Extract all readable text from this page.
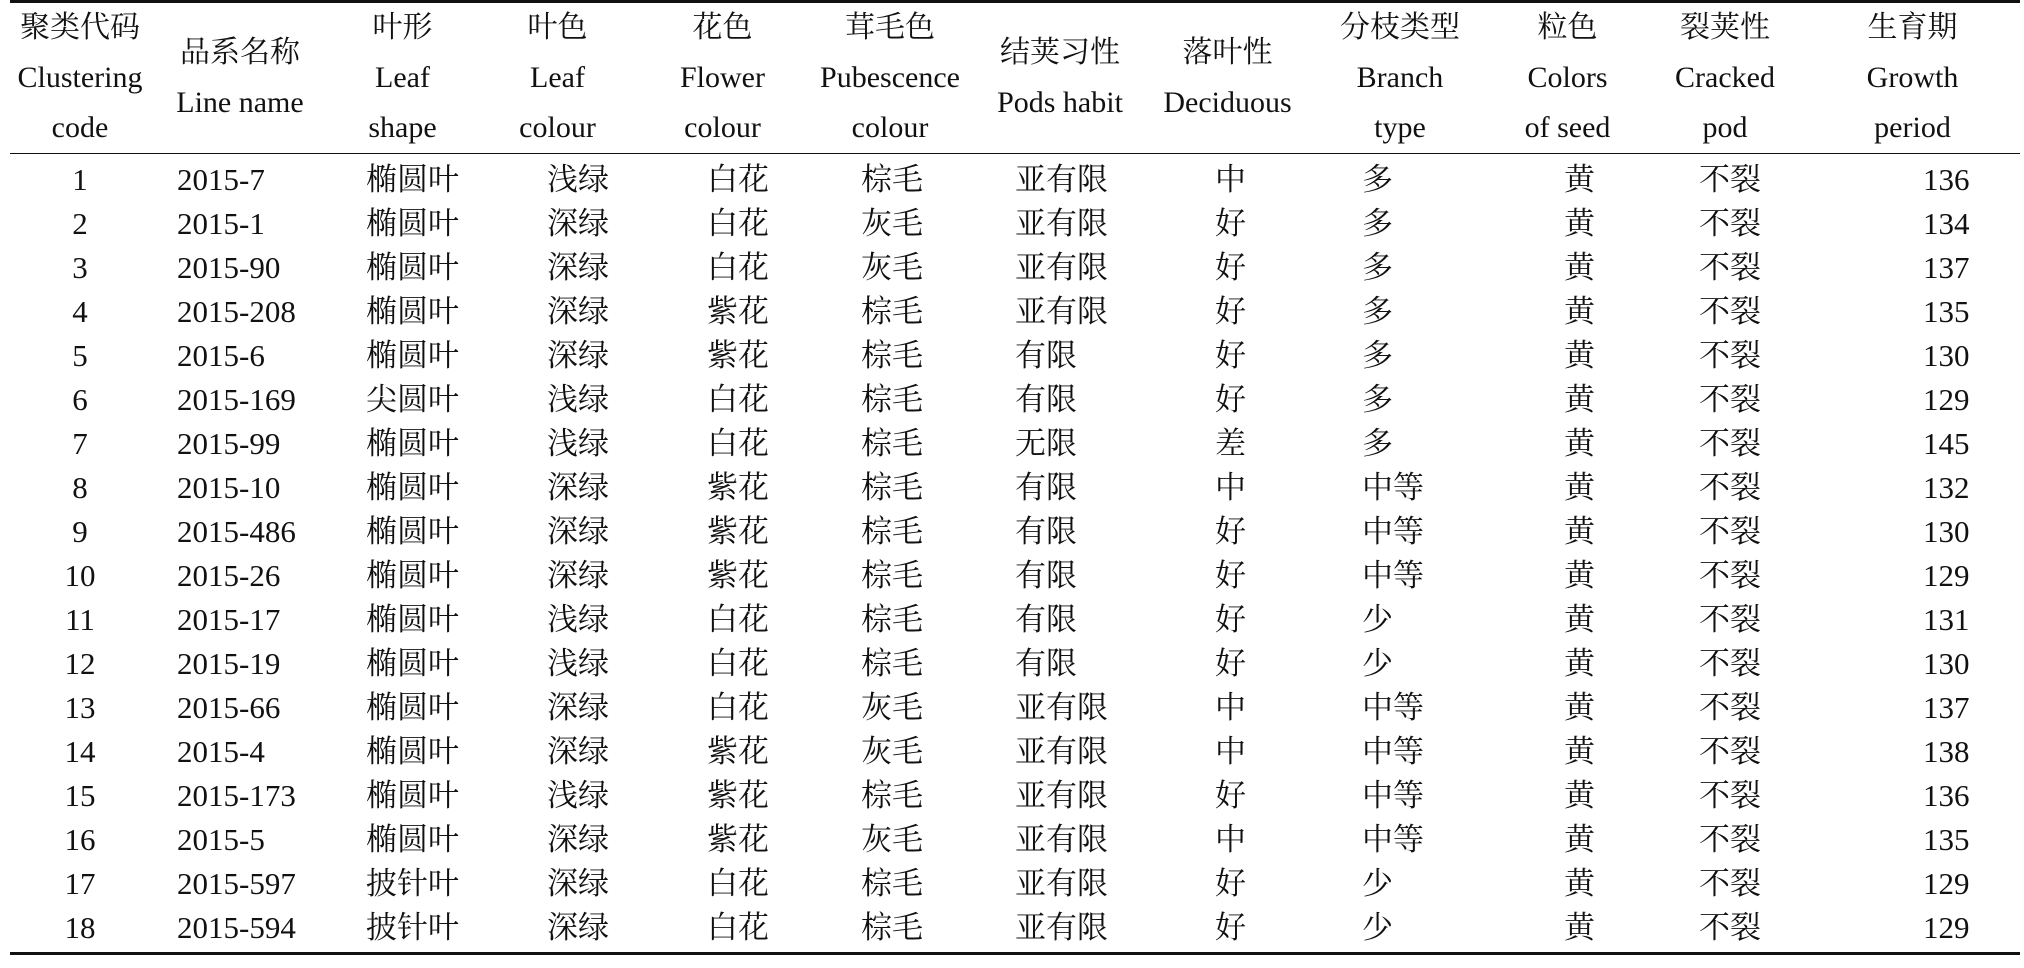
聚类代码
Clustering
code	品系名称
Line name	叶形
Leaf
shape	叶色
Leaf
colour	花色
Flower
colour	茸毛色
Pubescence
colour	结荚习性
Pods habit	落叶性
Deciduous	分枝类型
Branch
type	粒色
Colors
of seed	裂荚性
Cracked
pod	生育期
Growth
period

1	2015-7	椭圆叶	浅绿	白花	棕毛	亚有限	中	多	黄	不裂	136
2	2015-1	椭圆叶	深绿	白花	灰毛	亚有限	好	多	黄	不裂	134
3	2015-90	椭圆叶	深绿	白花	灰毛	亚有限	好	多	黄	不裂	137
4	2015-208	椭圆叶	深绿	紫花	棕毛	亚有限	好	多	黄	不裂	135
5	2015-6	椭圆叶	深绿	紫花	棕毛	有限	好	多	黄	不裂	130
6	2015-169	尖圆叶	浅绿	白花	棕毛	有限	好	多	黄	不裂	129
7	2015-99	椭圆叶	浅绿	白花	棕毛	无限	差	多	黄	不裂	145
8	2015-10	椭圆叶	深绿	紫花	棕毛	有限	中	中等	黄	不裂	132
9	2015-486	椭圆叶	深绿	紫花	棕毛	有限	好	中等	黄	不裂	130
10	2015-26	椭圆叶	深绿	紫花	棕毛	有限	好	中等	黄	不裂	129
11	2015-17	椭圆叶	浅绿	白花	棕毛	有限	好	少	黄	不裂	131
12	2015-19	椭圆叶	浅绿	白花	棕毛	有限	好	少	黄	不裂	130
13	2015-66	椭圆叶	深绿	白花	灰毛	亚有限	中	中等	黄	不裂	137
14	2015-4	椭圆叶	深绿	紫花	灰毛	亚有限	中	中等	黄	不裂	138
15	2015-173	椭圆叶	浅绿	紫花	棕毛	亚有限	好	中等	黄	不裂	136
16	2015-5	椭圆叶	深绿	紫花	灰毛	亚有限	中	中等	黄	不裂	135
17	2015-597	披针叶	深绿	白花	棕毛	亚有限	好	少	黄	不裂	129
18	2015-594	披针叶	深绿	白花	棕毛	亚有限	好	少	黄	不裂	129
